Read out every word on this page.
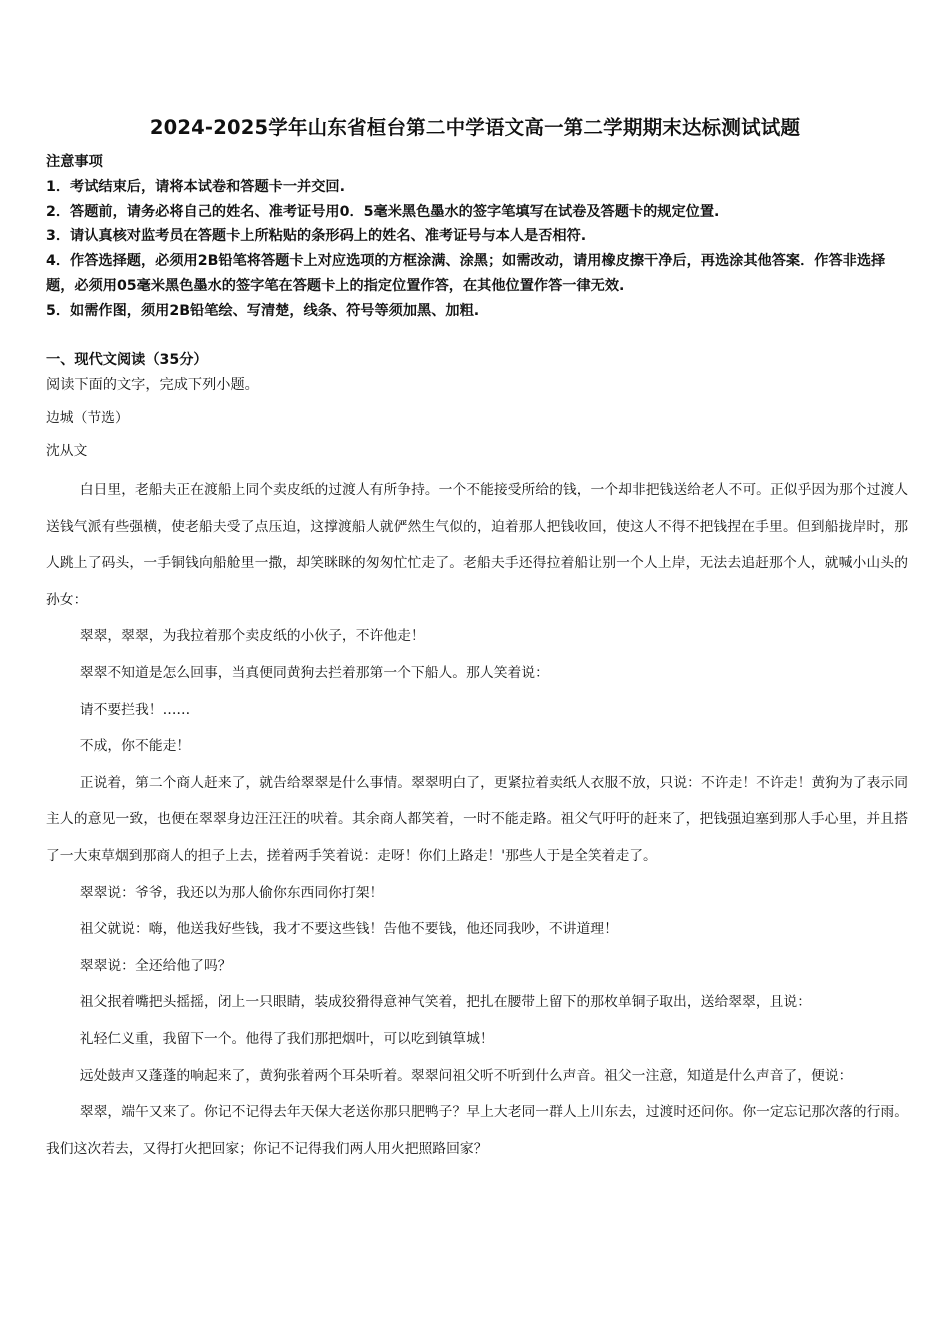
2024-2025学年山东省桓台第二中学语文高一第二学期期末达标测试试题
注意事项
1．考试结束后，请将本试卷和答题卡一并交回.
2．答题前，请务必将自己的姓名、准考证号用0．5毫米黑色墨水的签字笔填写在试卷及答题卡的规定位置.
3．请认真核对监考员在答题卡上所粘贴的条形码上的姓名、准考证号与本人是否相符.
4．作答选择题，必须用2B铅笔将答题卡上对应选项的方框涂满、涂黑；如需改动，请用橡皮擦干净后，再选涂其他答案．作答非选择题，必须用05毫米黑色墨水的签字笔在答题卡上的指定位置作答，在其他位置作答一律无效.
5．如需作图，须用2B铅笔绘、写清楚，线条、符号等须加黑、加粗.
一、现代文阅读（35分）
阅读下面的文字，完成下列小题。
边城（节选）
沈从文

白日里，老船夫正在渡船上同个卖皮纸的过渡人有所争持。一个不能接受所给的钱，一个却非把钱送给老人不可。正似乎因为那个过渡人送钱气派有些强横，使老船夫受了点压迫，这撑渡船人就俨然生气似的，迫着那人把钱收回，使这人不得不把钱捏在手里。但到船拢岸时，那人跳上了码头，一手铜钱向船舱里一撒，却笑眯眯的匆匆忙忙走了。老船夫手还得拉着船让别一个人上岸，无法去追赶那个人，就喊小山头的孙女：

翠翠，翠翠，为我拉着那个卖皮纸的小伙子，不许他走！

翠翠不知道是怎么回事，当真便同黄狗去拦着那第一个下船人。那人笑着说：

请不要拦我！……

不成，你不能走！

正说着，第二个商人赶来了，就告给翠翠是什么事情。翠翠明白了，更紧拉着卖纸人衣服不放，只说：不许走！不许走！黄狗为了表示同主人的意见一致，也便在翠翠身边汪汪汪的吠着。其余商人都笑着，一时不能走路。祖父气吁吁的赶来了，把钱强迫塞到那人手心里，并且搭了一大束草烟到那商人的担子上去，搓着两手笑着说：走呀！你们上路走！'那些人于是全笑着走了。

翠翠说：爷爷，我还以为那人偷你东西同你打架！

祖父就说：嗨，他送我好些钱，我才不要这些钱！告他不要钱，他还同我吵，不讲道理！

翠翠说：全还给他了吗？

祖父抿着嘴把头摇摇，闭上一只眼睛，装成狡猾得意神气笑着，把扎在腰带上留下的那枚单铜子取出，送给翠翠，且说：

礼轻仁义重，我留下一个。他得了我们那把烟叶，可以吃到镇筸城！

远处鼓声又蓬蓬的响起来了，黄狗张着两个耳朵听着。翠翠问祖父听不听到什么声音。祖父一注意，知道是什么声音了，便说：

翠翠，端午又来了。你记不记得去年天保大老送你那只肥鸭子？早上大老同一群人上川东去，过渡时还问你。你一定忘记那次落的行雨。我们这次若去，又得打火把回家；你记不记得我们两人用火把照路回家？
